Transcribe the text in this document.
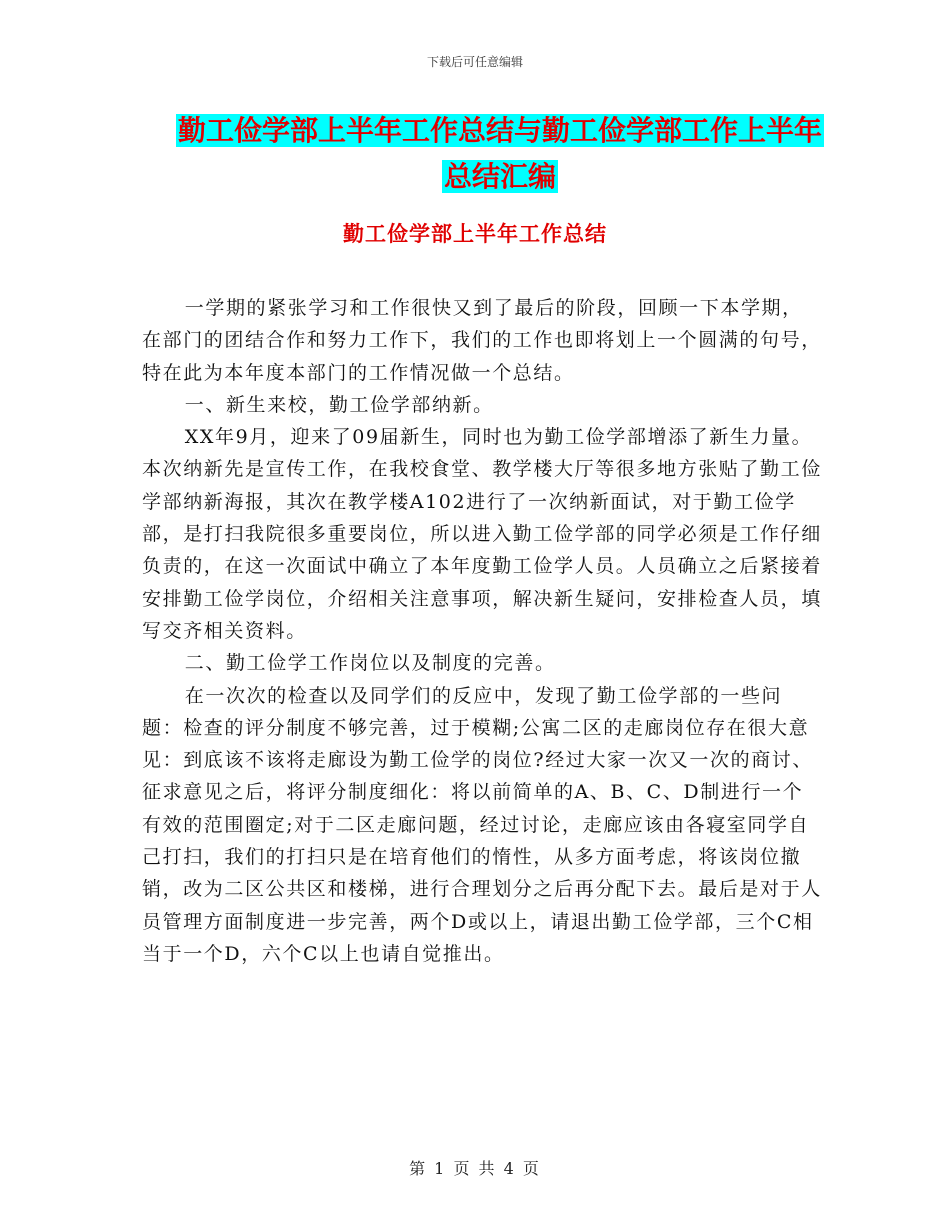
下载后可任意编辑
勤工俭学部上半年工作总结与勤工俭学部工作上半年
总结汇编
勤工俭学部上半年工作总结

一学期的紧张学习和工作很快又到了最后的阶段，回顾一下本学期，在部门的团结合作和努力工作下，我们的工作也即将划上一个圆满的句号，特在此为本年度本部门的工作情况做一个总结。

一、新生来校，勤工俭学部纳新。

XX年9月，迎来了09届新生，同时也为勤工俭学部增添了新生力量。本次纳新先是宣传工作，在我校食堂、教学楼大厅等很多地方张贴了勤工俭学部纳新海报，其次在教学楼A102进行了一次纳新面试，对于勤工俭学部，是打扫我院很多重要岗位，所以进入勤工俭学部的同学必须是工作仔细负责的，在这一次面试中确立了本年度勤工俭学人员。人员确立之后紧接着安排勤工俭学岗位，介绍相关注意事项，解决新生疑问，安排检查人员，填写交齐相关资料。

二、勤工俭学工作岗位以及制度的完善。

在一次次的检查以及同学们的反应中，发现了勤工俭学部的一些问题：检查的评分制度不够完善，过于模糊;公寓二区的走廊岗位存在很大意见：到底该不该将走廊设为勤工俭学的岗位?经过大家一次又一次的商讨、征求意见之后，将评分制度细化：将以前简单的A、B、C、D制进行一个有效的范围圈定;对于二区走廊问题，经过讨论，走廊应该由各寝室同学自己打扫，我们的打扫只是在培育他们的惰性，从多方面考虑，将该岗位撤销，改为二区公共区和楼梯，进行合理划分之后再分配下去。最后是对于人员管理方面制度进一步完善，两个D或以上，请退出勤工俭学部，三个C相当于一个D，六个C以上也请自觉推出。

第 1 页 共 4 页
